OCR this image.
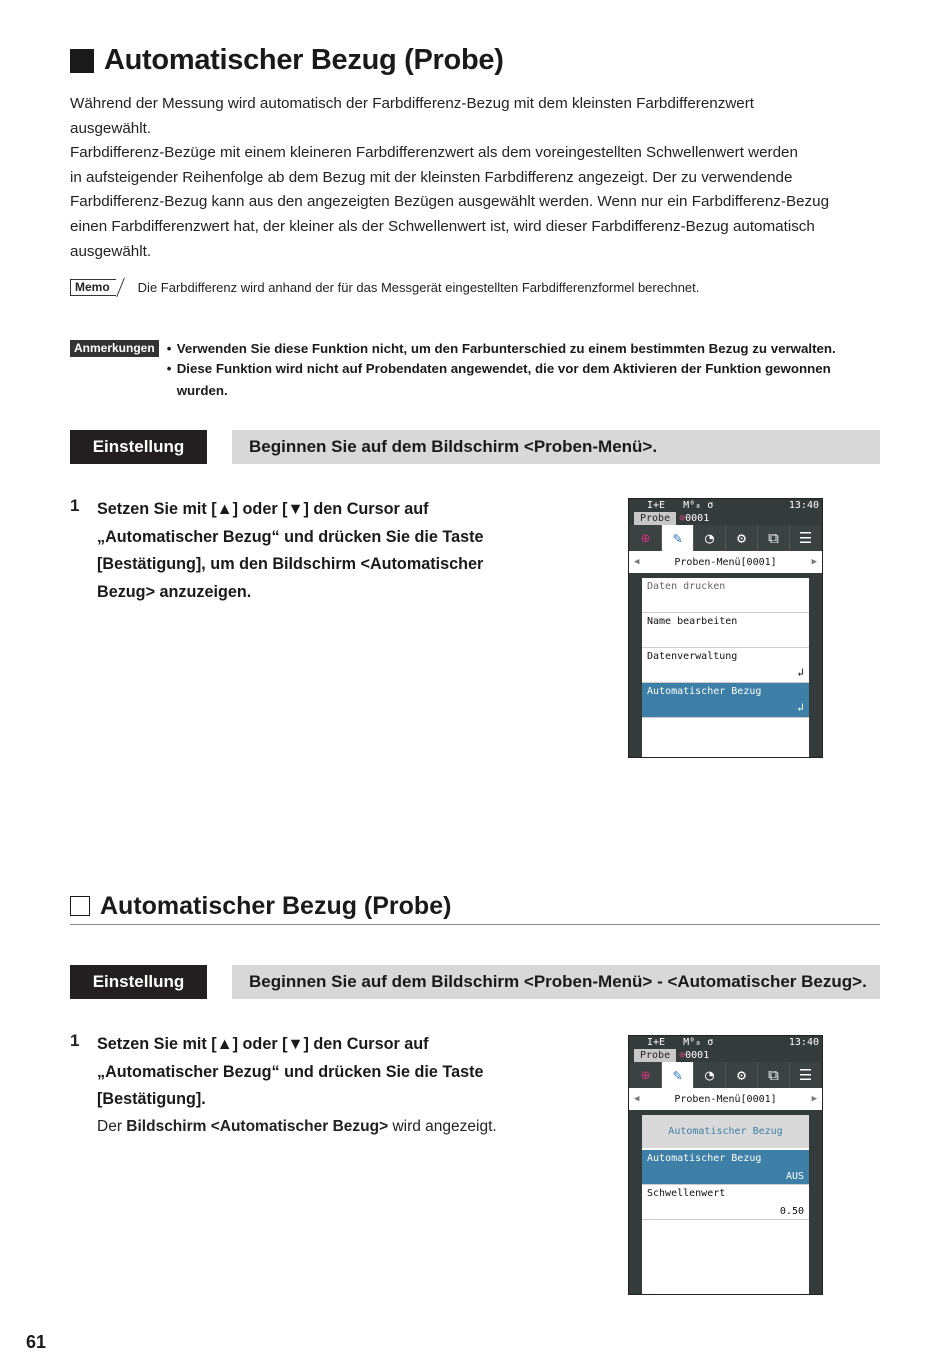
Automatischer Bezug (Probe)
Während der Messung wird automatisch der Farbdifferenz-Bezug mit dem kleinsten Farbdifferenzwert
ausgewählt.
Farbdifferenz-Bezüge mit einem kleineren Farbdifferenzwert als dem voreingestellten Schwellenwert werden
in aufsteigender Reihenfolge ab dem Bezug mit der kleinsten Farbdifferenz angezeigt. Der zu verwendende
Farbdifferenz-Bezug kann aus den angezeigten Bezügen ausgewählt werden. Wenn nur ein Farbdifferenz-Bezug
einen Farbdifferenzwert hat, der kleiner als der Schwellenwert ist, wird dieser Farbdifferenz-Bezug automatisch
ausgewählt.
Memo	Die Farbdifferenz wird anhand der für das Messgerät eingestellten Farbdifferenzformel berechnet.
Anmerkungen
•	Verwenden Sie diese Funktion nicht, um den Farbunterschied zu einem bestimmten Bezug zu verwalten.
• Diese Funktion wird nicht auf Probendaten angewendet, die vor dem Aktivieren der Funktion gewonnen wurden.
Einstellung	Beginnen Sie auf dem Bildschirm <Proben-Menü>.
1 Setzen Sie mit [▲] oder [▼] den Cursor auf
„Automatischer Bezug“ und drücken Sie die Taste
[Bestätigung], um den Bildschirm <Automatischer
Bezug> anzuzeigen.
I+E M⁰₈ σ	13:40
Probe ⊕ 0001
⊕	✎	◔	⚙	⧉	☰
◀	Proben-Menü[0001]	▶
Daten drucken
Name bearbeiten
Datenverwaltung
↲
Automatischer Bezug
↲
Automatischer Bezug (Probe)
Einstellung	Beginnen Sie auf dem Bildschirm <Proben-Menü> - <Automatischer Bezug>.
1 Setzen Sie mit [▲] oder [▼] den Cursor auf
„Automatischer Bezug“ und drücken Sie die Taste
[Bestätigung].
Der Bildschirm <Automatischer Bezug> wird angezeigt.
I+E M⁰₈ σ	13:40
Probe ⊕ 0001
⊕	✎	◔	⚙	⧉	☰
◀	Proben-Menü[0001]	▶
Automatischer Bezug
Automatischer Bezug
AUS
Schwellenwert
0.50
61
